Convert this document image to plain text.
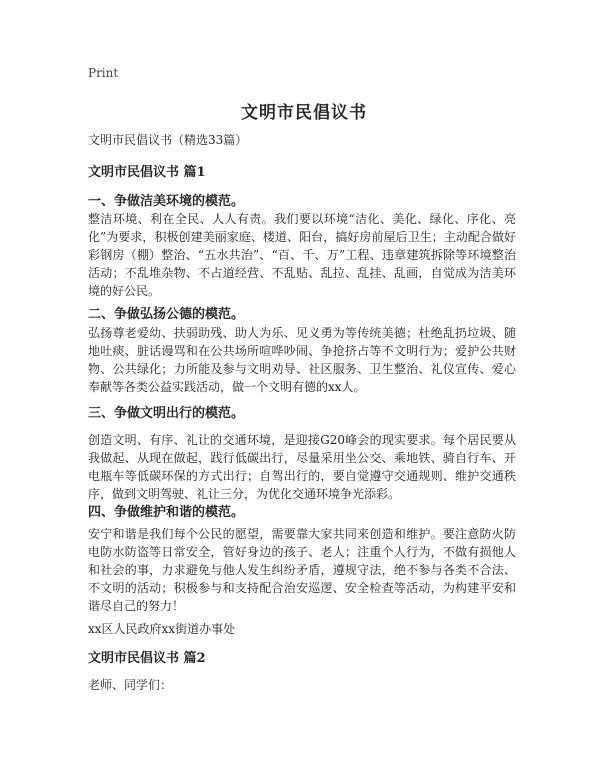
Print
文明市民倡议书
文明市民倡议书（精选33篇）
文明市民倡议书 篇1
一、争做洁美环境的模范。
整洁环境、利在全民、人人有责。我们要以环境“洁化、美化、绿化、序化、亮化”为要求，积极创建美丽家庭、楼道、阳台，搞好房前屋后卫生；主动配合做好彩钢房（棚）整治、“五水共治”、“百、千、万”工程、违章建筑拆除等环境整治活动；不乱堆杂物、不占道经营、不乱贴、乱拉、乱挂、乱画，自觉成为洁美环境的好公民。
二、争做弘扬公德的模范。
弘扬尊老爱幼、扶弱助残、助人为乐、见义勇为等传统美德；杜绝乱扔垃圾、随地吐痰、脏话谩骂和在公共场所喧哗吵闹、争抢挤占等不文明行为；爱护公共财物、公共绿化；力所能及参与文明劝导、社区服务、卫生整治、礼仪宣传、爱心奉献等各类公益实践活动，做一个文明有德的xx人。
三、争做文明出行的模范。
创造文明、有序、礼让的交通环境，是迎接G20峰会的现实要求。每个居民要从我做起、从现在做起，践行低碳出行，尽量采用坐公交、乘地铁、骑自行车、开电瓶车等低碳环保的方式出行；自驾出行的，要自觉遵守交通规则、维护交通秩序，做到文明驾驶、礼让三分，为优化交通环境争光添彩。
四、争做维护和谐的模范。
安宁和谐是我们每个公民的愿望，需要靠大家共同来创造和维护。要注意防火防电防水防盗等日常安全，管好身边的孩子、老人；注重个人行为，不做有损他人和社会的事，力求避免与他人发生纠纷矛盾，遵规守法，绝不参与各类不合法、不文明的活动；积极参与和支持配合治安巡逻、安全检查等活动，为构建平安和谐尽自己的努力！
xx区人民政府xx街道办事处
文明市民倡议书 篇2
老师、同学们：
